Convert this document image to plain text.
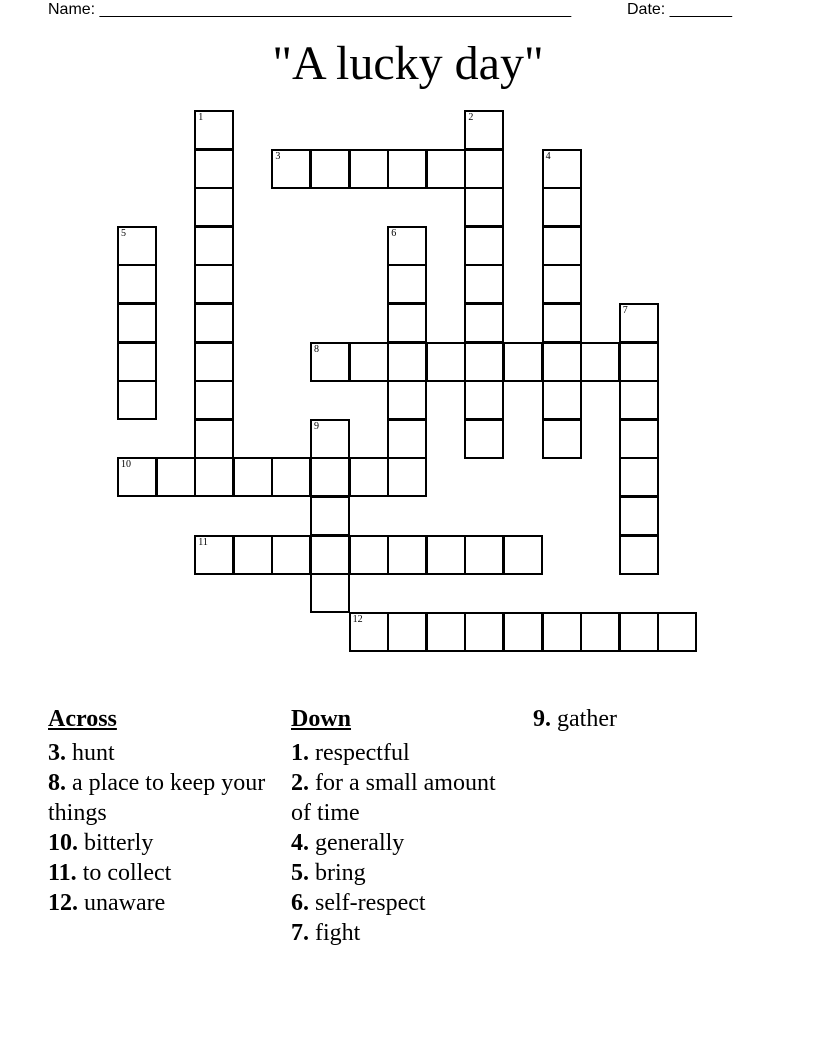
Name: _____________________________________________________	Date: _______
"A lucky day"
1	2
3	4
5	6
7
8
9
10
11
12
Across
3. hunt
8. a place to keep your things
10. bitterly
11. to collect
12. unaware
Down
1. respectful
2. for a small amount of time
4. generally
5. bring
6. self-respect
7. fight
9. gather
